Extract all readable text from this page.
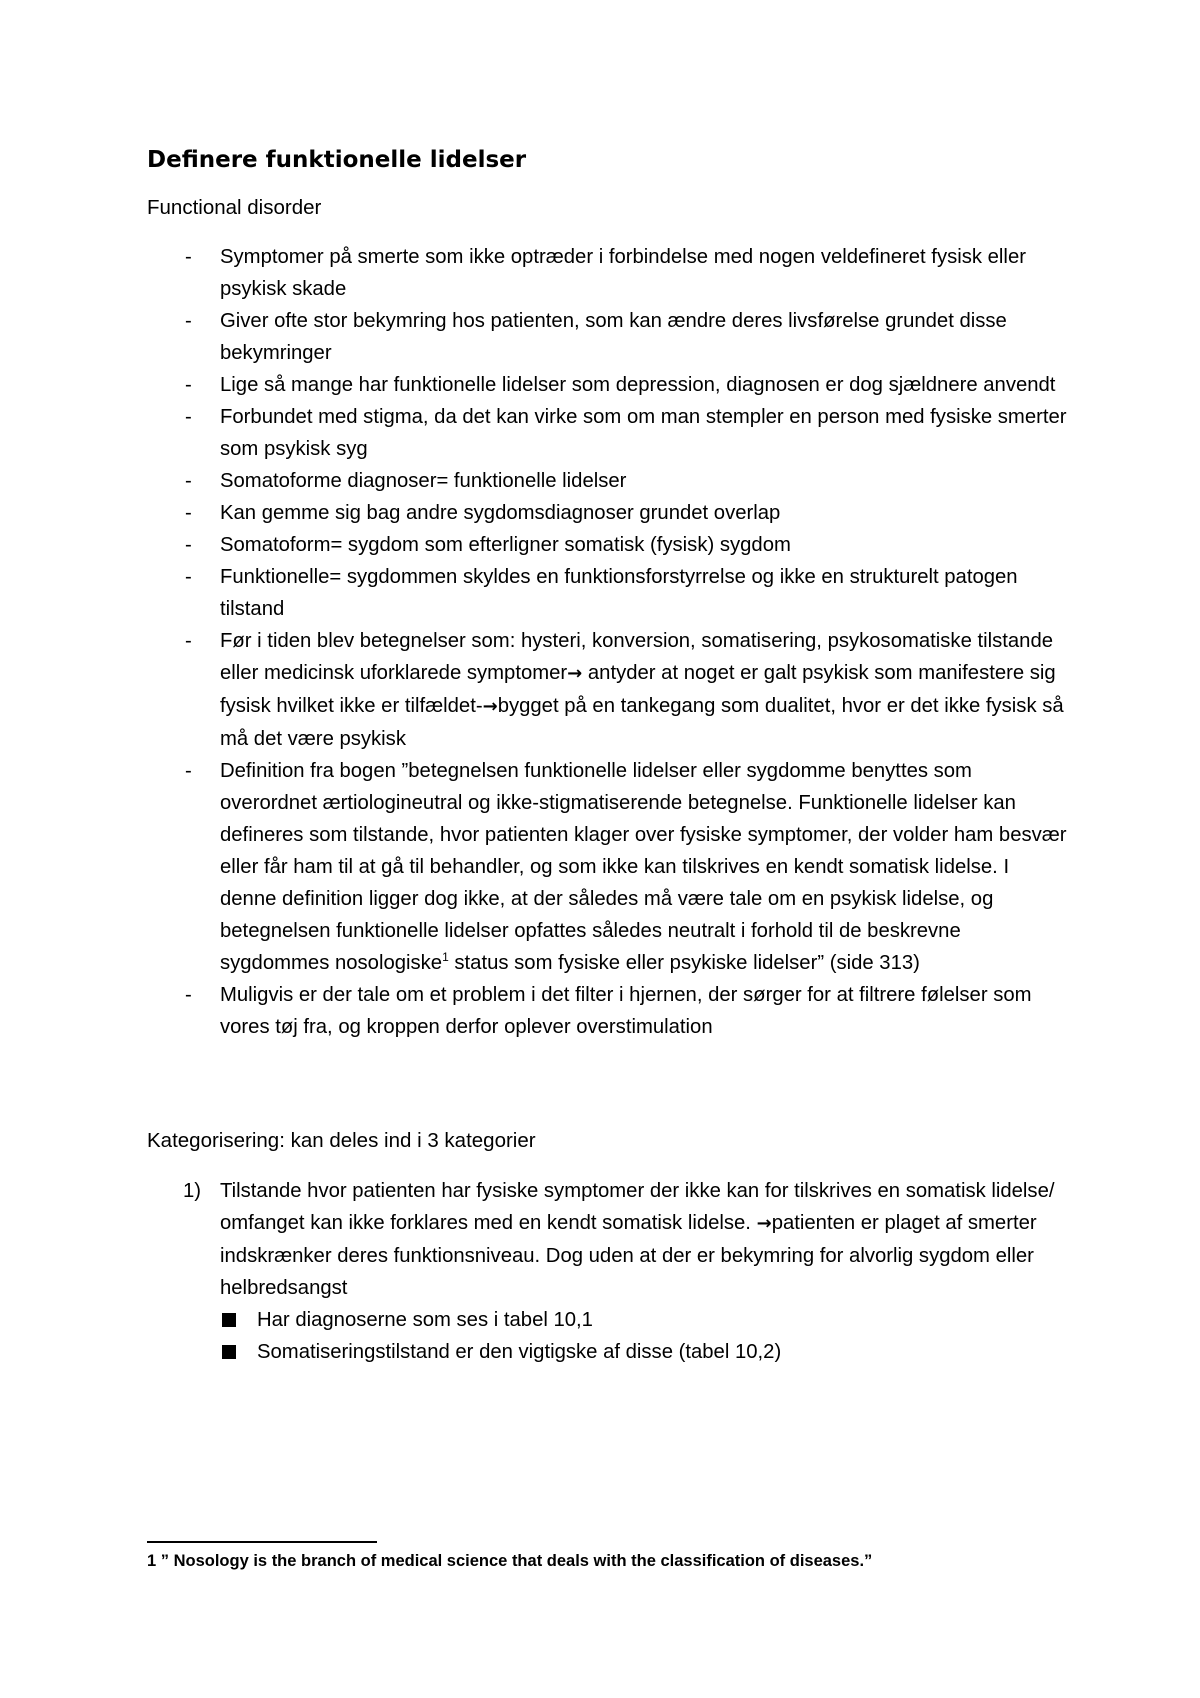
Definere funktionelle lidelser
Functional disorder
- Symptomer på smerte som ikke optræder i forbindelse med nogen veldefineret fysisk eller psykisk skade
- Giver ofte stor bekymring hos patienten, som kan ændre deres livsførelse grundet disse bekymringer
- Lige så mange har funktionelle lidelser som depression, diagnosen er dog sjældnere anvendt
- Forbundet med stigma, da det kan virke som om man stempler en person med fysiske smerter som psykisk syg
- Somatoforme diagnoser= funktionelle lidelser
- Kan gemme sig bag andre sygdomsdiagnoser grundet overlap
- Somatoform= sygdom som efterligner somatisk (fysisk) sygdom
- Funktionelle= sygdommen skyldes en funktionsforstyrrelse og ikke en strukturelt patogen tilstand
- Før i tiden blev betegnelser som: hysteri, konversion, somatisering, psykosomatiske tilstande eller medicinsk uforklarede symptomer→ antyder at noget er galt psykisk som manifestere sig fysisk hvilket ikke er tilfældet-→bygget på en tankegang som dualitet, hvor er det ikke fysisk så må det være psykisk
- Definition fra bogen ”betegnelsen funktionelle lidelser eller sygdomme benyttes som overordnet ærtiologineutral og ikke-stigmatiserende betegnelse. Funktionelle lidelser kan defineres som tilstande, hvor patienten klager over fysiske symptomer, der volder ham besvær eller får ham til at gå til behandler, og som ikke kan tilskrives en kendt somatisk lidelse. I denne definition ligger dog ikke, at der således må være tale om en psykisk lidelse, og betegnelsen funktionelle lidelser opfattes således neutralt i forhold til de beskrevne sygdommes nosologiske$^1$ status som fysiske eller psykiske lidelser” (side 313)
- Muligvis er der tale om et problem i det filter i hjernen, der sørger for at filtrere følelser som vores tøj fra, og kroppen derfor oplever overstimulation
Kategorisering: kan deles ind i 3 kategorier
1) Tilstande hvor patienten har fysiske symptomer der ikke kan for tilskrives en somatisk lidelse/ omfanget kan ikke forklares med en kendt somatisk lidelse. →patienten er plaget af smerter indskrænker deres funktionsniveau. Dog uden at der er bekymring for alvorlig sygdom eller helbredsangst
Har diagnoserne som ses i tabel 10,1
Somatiseringstilstand er den vigtigske af disse (tabel 10,2)
1 ” Nosology is the branch of medical science that deals with the classification of diseases.”
